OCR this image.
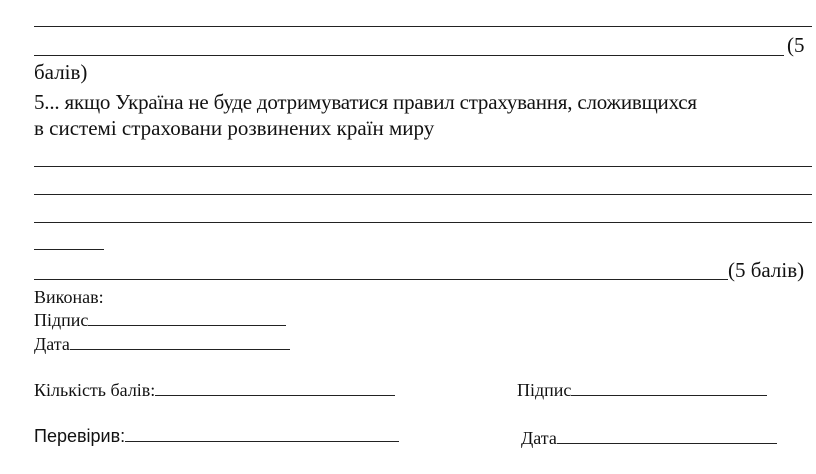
(5
балів)
5... якщо Україна не буде дотримуватися правил страхування, сложивщихся
в системі страховани розвинених країн миру
(5 балів)
Виконав:
Підпис
Дата
Кількість балів:	Підпис
Перевірив:	Дата
